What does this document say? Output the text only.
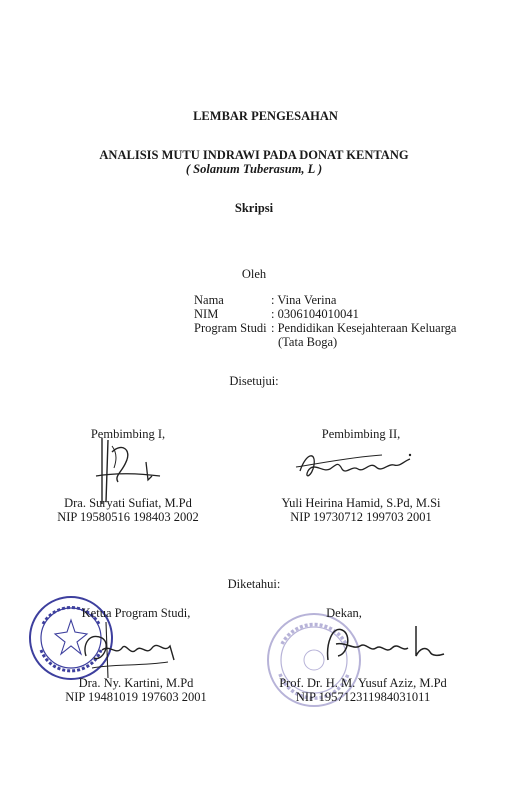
LEMBAR PENGESAHAN
ANALISIS MUTU INDRAWI PADA DONAT KENTANG
( Solanum Tuberasum, L )
Skripsi
Oleh
Nama	: Vina Verina
NIM	: 0306104010041
Program Studi : Pendidikan Kesejahteraan Keluarga
(Tata Boga)
Disetujui:
Pembimbing I,
Dra. Suryati Sufiat, M.Pd
NIP 19580516 198403 2002
Pembimbing II,
Yuli Heirina Hamid, S.Pd, M.Si
NIP 19730712 199703 2001
Diketahui:
Ketua Program Studi,
Dra. Ny. Kartini, M.Pd
NIP 19481019 197603 2001
Dekan,
Prof. Dr. H. M. Yusuf Aziz, M.Pd
NIP 195712311984031011
